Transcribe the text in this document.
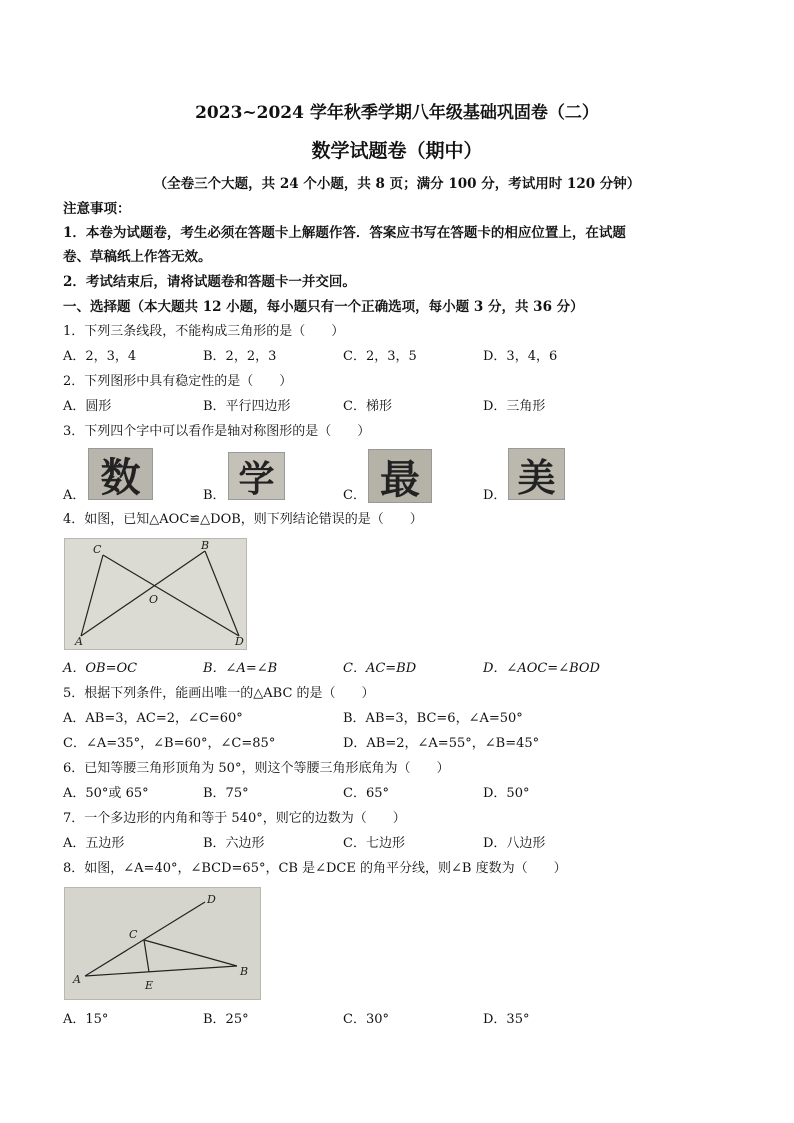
2023~2024 学年秋季学期八年级基础巩固卷（二）
数学试题卷（期中）
（全卷三个大题，共 24 个小题，共 8 页；满分 100 分，考试用时 120 分钟）
注意事项：
1．本卷为试题卷，考生必须在答题卡上解题作答．答案应书写在答题卡的相应位置上，在试题
卷、草稿纸上作答无效。
2．考试结束后，请将试题卷和答题卡一并交回。
一、选择题（本大题共 12 小题，每小题只有一个正确选项，每小题 3 分，共 36 分）
1．下列三条线段，不能构成三角形的是（　　）
A．2，3，4	B．2，2，3	C．2，3，5	D．3，4，6
2．下列图形中具有稳定性的是（　　）
A．圆形	B．平行四边形	C．梯形	D．三角形
3．下列四个字中可以看作是轴对称图形的是（　　）
A． 数	B． 学	C． 最	D． 美
4．如图，已知△AOC≌△DOB，则下列结论错误的是（　　）
C	B
O
A	D
A．OB=OC	B．∠A=∠B	C．AC=BD	D．∠AOC=∠BOD
5．根据下列条件，能画出唯一的△ABC 的是（　　）
A．AB=3，AC=2，∠C=60°	B．AB=3，BC=6，∠A=50°
C．∠A=35°，∠B=60°，∠C=85°	D．AB=2，∠A=55°，∠B=45°
6．已知等腰三角形顶角为 50°，则这个等腰三角形底角为（　　）
A．50°或 65°	B．75°	C．65°	D．50°
7．一个多边形的内角和等于 540°，则它的边数为（　　）
A．五边形	B．六边形	C．七边形	D．八边形
8．如图，∠A=40°，∠BCD=65°，CB 是∠DCE 的角平分线，则∠B 度数为（　　）
D
C
A	E
B
A．15°	B．25°	C．30°	D．35°
